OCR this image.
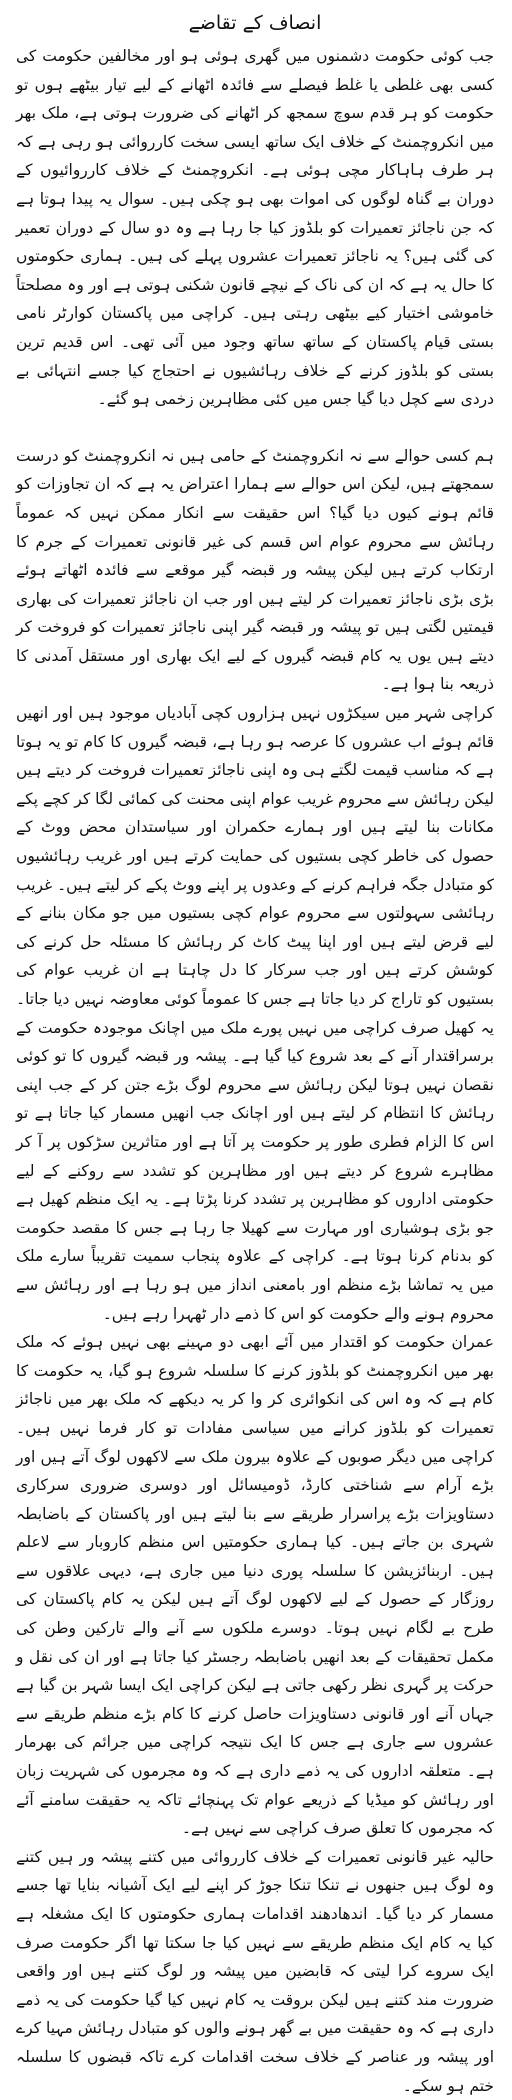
انصاف کے تقاضے

جب کوئی حکومت دشمنوں میں گھری ہوئی ہو اور مخالفین حکومت کی کسی بھی غلطی یا غلط فیصلے سے فائدہ اٹھانے کے لیے تیار بیٹھے ہوں تو حکومت کو ہر قدم سوچ سمجھ کر اٹھانے کی ضرورت ہوتی ہے، ملک بھر میں انکروچمنٹ کے خلاف ایک ساتھ ایسی سخت کارروائی ہو رہی ہے کہ ہر طرف ہاہاکار مچی ہوئی ہے۔ انکروچمنٹ کے خلاف کارروائیوں کے دوران بے گناہ لوگوں کی اموات بھی ہو چکی ہیں۔ سوال یہ پیدا ہوتا ہے کہ جن ناجائز تعمیرات کو بلڈوز کیا جا رہا ہے وہ دو سال کے دوران تعمیر کی گئی ہیں؟ یہ ناجائز تعمیرات عشروں پہلے کی ہیں۔ ہماری حکومتوں کا حال یہ ہے کہ ان کی ناک کے نیچے قانون شکنی ہوتی ہے اور وہ مصلحتاً خاموشی اختیار کیے بیٹھی رہتی ہیں۔ کراچی میں پاکستان کوارٹر نامی بستی قیام پاکستان کے ساتھ ساتھ وجود میں آئی تھی۔ اس قدیم ترین بستی کو بلڈوز کرنے کے خلاف رہائشیوں نے احتجاج کیا جسے انتہائی بے دردی سے کچل دیا گیا جس میں کئی مظاہرین زخمی ہو گئے۔

ہم کسی حوالے سے نہ انکروچمنٹ کے حامی ہیں نہ انکروچمنٹ کو درست سمجھتے ہیں، لیکن اس حوالے سے ہمارا اعتراض یہ ہے کہ ان تجاوزات کو قائم ہونے کیوں دیا گیا؟ اس حقیقت سے انکار ممکن نہیں کہ عموماً رہائش سے محروم عوام اس قسم کی غیر قانونی تعمیرات کے جرم کا ارتکاب کرتے ہیں لیکن پیشہ ور قبضہ گیر موقعے سے فائدہ اٹھاتے ہوئے بڑی بڑی ناجائز تعمیرات کر لیتے ہیں اور جب ان ناجائز تعمیرات کی بھاری قیمتیں لگتی ہیں تو پیشہ ور قبضہ گیر اپنی ناجائز تعمیرات کو فروخت کر دیتے ہیں یوں یہ کام قبضہ گیروں کے لیے ایک بھاری اور مستقل آمدنی کا ذریعہ بنا ہوا ہے۔

کراچی شہر میں سیکڑوں نہیں ہزاروں کچی آبادیاں موجود ہیں اور انھیں قائم ہوئے اب عشروں کا عرصہ ہو رہا ہے، قبضہ گیروں کا کام تو یہ ہوتا ہے کہ مناسب قیمت لگتے ہی وہ اپنی ناجائز تعمیرات فروخت کر دیتے ہیں لیکن رہائش سے محروم غریب عوام اپنی محنت کی کمائی لگا کر کچے پکے مکانات بنا لیتے ہیں اور ہمارے حکمران اور سیاستدان محض ووٹ کے حصول کی خاطر کچی بستیوں کی حمایت کرتے ہیں اور غریب رہائشیوں کو متبادل جگہ فراہم کرنے کے وعدوں پر اپنے ووٹ پکے کر لیتے ہیں۔ غریب رہائشی سہولتوں سے محروم عوام کچی بستیوں میں جو مکان بنانے کے لیے قرض لیتے ہیں اور اپنا پیٹ کاٹ کر رہائش کا مسئلہ حل کرنے کی کوشش کرتے ہیں اور جب سرکار کا دل چاہتا ہے ان غریب عوام کی بستیوں کو تاراج کر دیا جاتا ہے جس کا عموماً کوئی معاوضہ نہیں دیا جاتا۔ یہ کھیل صرف کراچی میں نہیں پورے ملک میں اچانک موجودہ حکومت کے برسراقتدار آنے کے بعد شروع کیا گیا ہے۔ پیشہ ور قبضہ گیروں کا تو کوئی نقصان نہیں ہوتا لیکن رہائش سے محروم لوگ بڑے جتن کر کے جب اپنی رہائش کا انتظام کر لیتے ہیں اور اچانک جب انھیں مسمار کیا جاتا ہے تو اس کا الزام فطری طور پر حکومت پر آتا ہے اور متاثرین سڑکوں پر آ کر مظاہرے شروع کر دیتے ہیں اور مظاہرین کو تشدد سے روکنے کے لیے حکومتی اداروں کو مظاہرین پر تشدد کرنا پڑتا ہے۔ یہ ایک منظم کھیل ہے جو بڑی ہوشیاری اور مہارت سے کھیلا جا رہا ہے جس کا مقصد حکومت کو بدنام کرنا ہوتا ہے۔ کراچی کے علاوہ پنجاب سمیت تقریباً سارے ملک میں یہ تماشا بڑے منظم اور بامعنی انداز میں ہو رہا ہے اور رہائش سے محروم ہونے والے حکومت کو اس کا ذمے دار ٹھہرا رہے ہیں۔

عمران حکومت کو اقتدار میں آئے ابھی دو مہینے بھی نہیں ہوئے کہ ملک بھر میں انکروچمنٹ کو بلڈوز کرنے کا سلسلہ شروع ہو گیا، یہ حکومت کا کام ہے کہ وہ اس کی انکوائری کر وا کر یہ دیکھے کہ ملک بھر میں ناجائز تعمیرات کو بلڈوز کرانے میں سیاسی مفادات تو کار فرما نہیں ہیں۔ کراچی میں دیگر صوبوں کے علاوہ بیرون ملک سے لاکھوں لوگ آتے ہیں اور بڑے آرام سے شناختی کارڈ، ڈومیسائل اور دوسری ضروری سرکاری دستاویزات بڑے پراسرار طریقے سے بنا لیتے ہیں اور پاکستان کے باضابطہ شہری بن جاتے ہیں۔ کیا ہماری حکومتیں اس منظم کاروبار سے لاعلم ہیں۔ اربنائزیشن کا سلسلہ پوری دنیا میں جاری ہے، دیہی علاقوں سے روزگار کے حصول کے لیے لاکھوں لوگ آتے ہیں لیکن یہ کام پاکستان کی طرح بے لگام نہیں ہوتا۔ دوسرے ملکوں سے آنے والے تارکین وطن کی مکمل تحقیقات کے بعد انھیں باضابطہ رجسٹر کیا جاتا ہے اور ان کی نقل و حرکت پر گہری نظر رکھی جاتی ہے لیکن کراچی ایک ایسا شہر بن گیا ہے جہاں آنے اور قانونی دستاویزات حاصل کرنے کا کام بڑے منظم طریقے سے عشروں سے جاری ہے جس کا ایک نتیجہ کراچی میں جرائم کی بھرمار ہے۔ متعلقہ اداروں کی یہ ذمے داری ہے کہ وہ مجرموں کی شہریت زبان اور رہائش کو میڈیا کے ذریعے عوام تک پہنچائے تاکہ یہ حقیقت سامنے آئے کہ مجرموں کا تعلق صرف کراچی سے نہیں ہے۔

حالیہ غیر قانونی تعمیرات کے خلاف کارروائی میں کتنے پیشہ ور ہیں کتنے وہ لوگ ہیں جنھوں نے تنکا تنکا جوڑ کر اپنے لیے ایک آشیانہ بنایا تھا جسے مسمار کر دیا گیا۔ اندھادھند اقدامات ہماری حکومتوں کا ایک مشغلہ ہے کیا یہ کام ایک منظم طریقے سے نہیں کیا جا سکتا تھا اگر حکومت صرف ایک سروے کرا لیتی کہ قابضین میں پیشہ ور لوگ کتنے ہیں اور واقعی ضرورت مند کتنے ہیں لیکن بروقت یہ کام نہیں کیا گیا حکومت کی یہ ذمے داری ہے کہ وہ حقیقت میں بے گھر ہونے والوں کو متبادل رہائش مہیا کرے اور پیشہ ور عناصر کے خلاف سخت اقدامات کرے تاکہ قبضوں کا سلسلہ ختم ہو سکے۔
